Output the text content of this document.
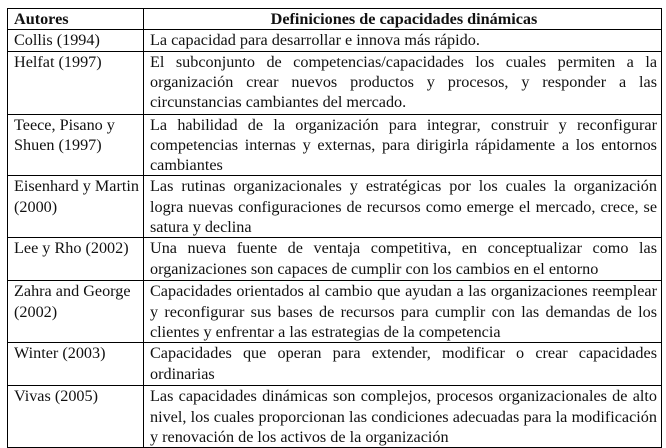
Autores	Definiciones de capacidades dinámicas
Collis (1994)	La capacidad para desarrollar e innova más rápido.
Helfat (1997)	El subconjunto de competencias/capacidades los cuales permiten a la organización crear nuevos productos y procesos, y responder a las circunstancias cambiantes del mercado.
Teece, Pisano y Shuen (1997)	La habilidad de la organización para integrar, construir y reconfigurar competencias internas y externas, para dirigirla rápidamente a los entornos cambiantes
Eisenhard y Martin (2000)	Las rutinas organizacionales y estratégicas por los cuales la organización logra nuevas configuraciones de recursos como emerge el mercado, crece, se satura y declina
Lee y Rho (2002)	Una nueva fuente de ventaja competitiva, en conceptualizar como las organizaciones son capaces de cumplir con los cambios en el entorno
Zahra and George (2002)	Capacidades orientados al cambio que ayudan a las organizaciones reemplear y reconfigurar sus bases de recursos para cumplir con las demandas de los clientes y enfrentar a las estrategias de la competencia
Winter (2003)	Capacidades que operan para extender, modificar o crear capacidades ordinarias
Vivas (2005)	Las capacidades dinámicas son complejos, procesos organizacionales de alto nivel, los cuales proporcionan las condiciones adecuadas para la modificación y renovación de los activos de la organización
